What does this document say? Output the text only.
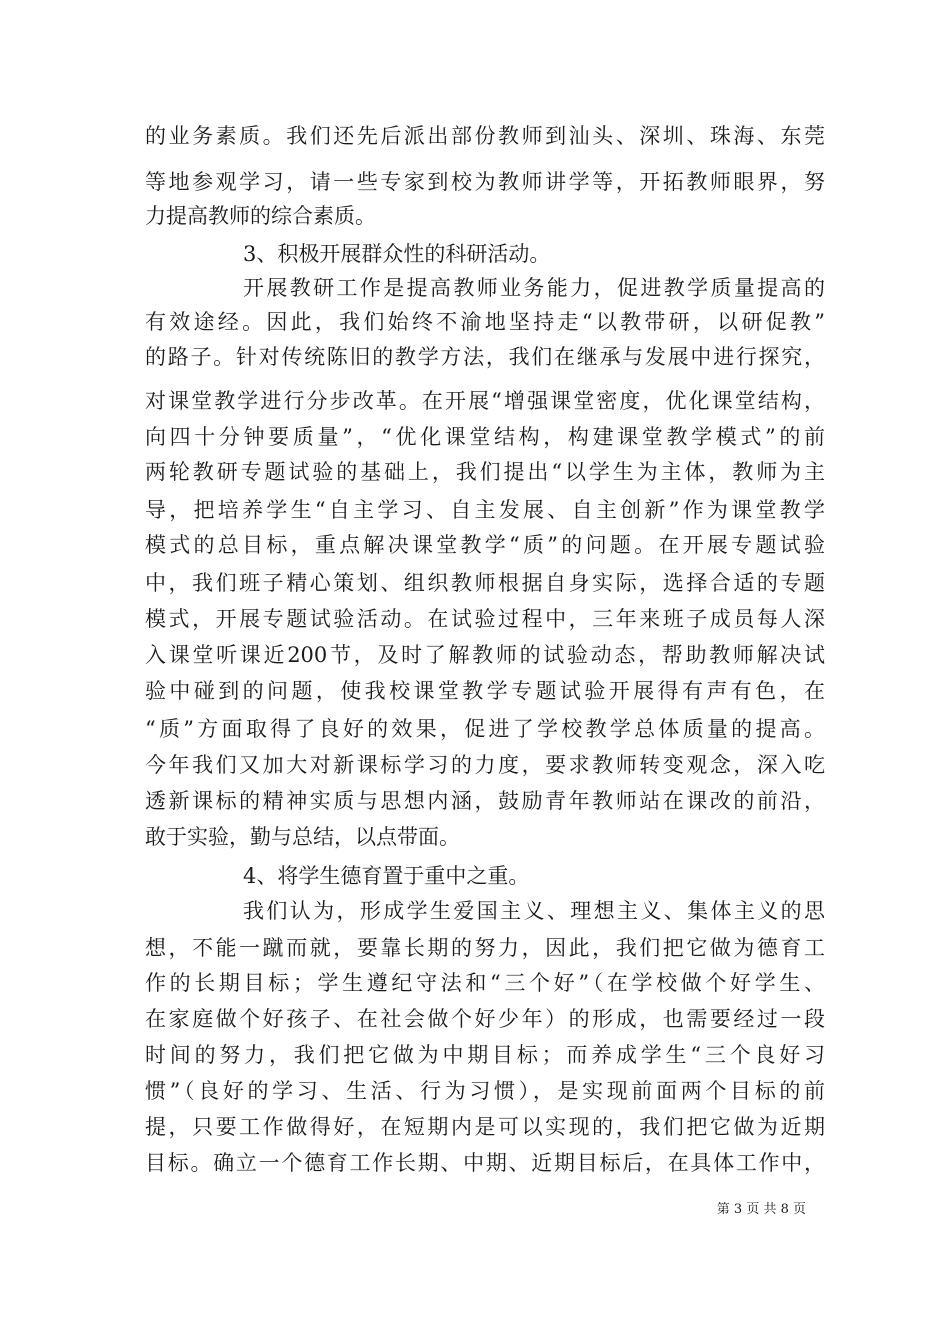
的业务素质。我们还先后派出部份教师到汕头、深圳、珠海、东莞
等地参观学习，请一些专家到校为教师讲学等，开拓教师眼界，努
力提高教师的综合素质。
3、积极开展群众性的科研活动。
开展教研工作是提高教师业务能力，促进教学质量提高的
有效途经。因此，我们始终不渝地坚持走“以教带研，以研促教”
的路子。针对传统陈旧的教学方法，我们在继承与发展中进行探究，
对课堂教学进行分步改革。在开展“增强课堂密度，优化课堂结构，
向四十分钟要质量”，“优化课堂结构，构建课堂教学模式”的前
两轮教研专题试验的基础上，我们提出“以学生为主体，教师为主
导，把培养学生“自主学习、自主发展、自主创新”作为课堂教学
模式的总目标，重点解决课堂教学“质”的问题。在开展专题试验
中，我们班子精心策划、组织教师根据自身实际，选择合适的专题
模式，开展专题试验活动。在试验过程中，三年来班子成员每人深
入课堂听课近200节，及时了解教师的试验动态，帮助教师解决试
验中碰到的问题，使我校课堂教学专题试验开展得有声有色，在
“质”方面取得了良好的效果，促进了学校教学总体质量的提高。
今年我们又加大对新课标学习的力度，要求教师转变观念，深入吃
透新课标的精神实质与思想内涵，鼓励青年教师站在课改的前沿，
敢于实验，勤与总结，以点带面。
4、将学生德育置于重中之重。
我们认为，形成学生爱国主义、理想主义、集体主义的思
想，不能一蹴而就，要靠长期的努力，因此，我们把它做为德育工
作的长期目标；学生遵纪守法和“三个好”（在学校做个好学生、
在家庭做个好孩子、在社会做个好少年）的形成，也需要经过一段
时间的努力，我们把它做为中期目标；而养成学生“三个良好习
惯”（良好的学习、生活、行为习惯），是实现前面两个目标的前
提，只要工作做得好，在短期内是可以实现的，我们把它做为近期
目标。确立一个德育工作长期、中期、近期目标后，在具体工作中，
第 3 页 共 8 页
